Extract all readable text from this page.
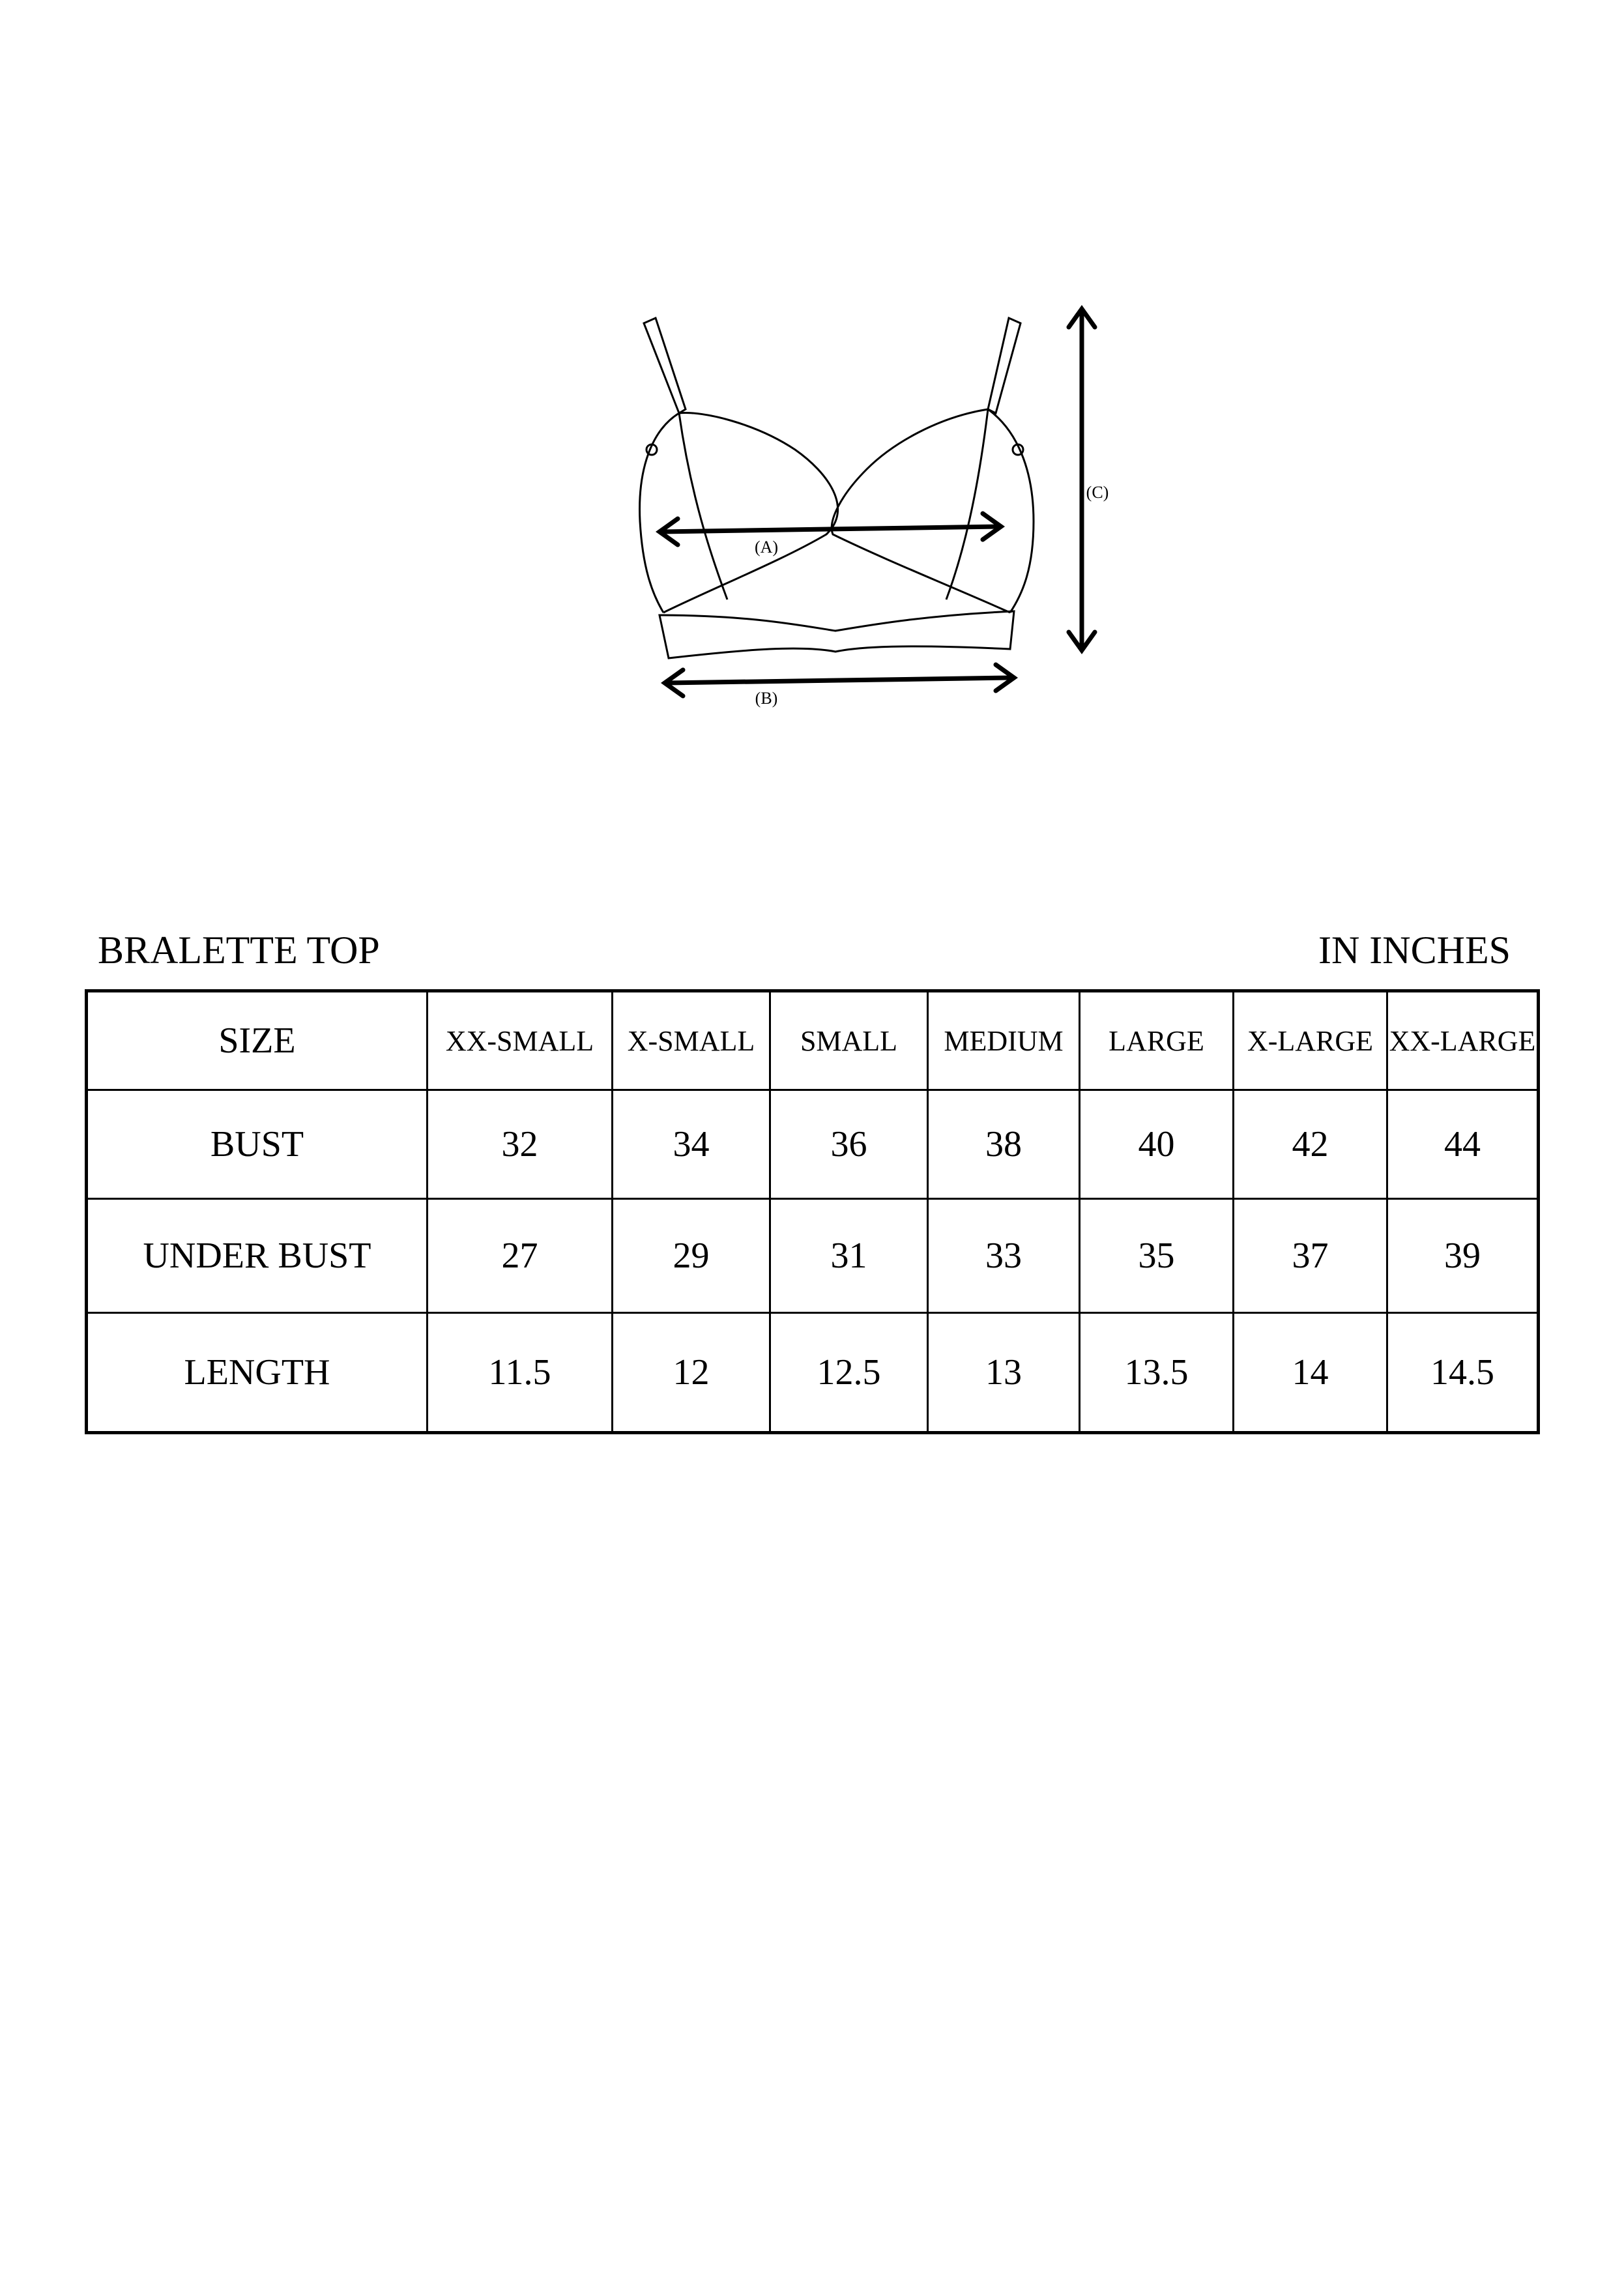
(A)
(B)
(C)
BRALETTE TOP	IN INCHES
SIZE	XX-SMALL	X-SMALL	SMALL	MEDIUM	LARGE	X-LARGE	XX-LARGE
BUST	32	34	36	38	40	42	44
UNDER BUST	27	29	31	33	35	37	39
LENGTH	11.5	12	12.5	13	13.5	14	14.5
